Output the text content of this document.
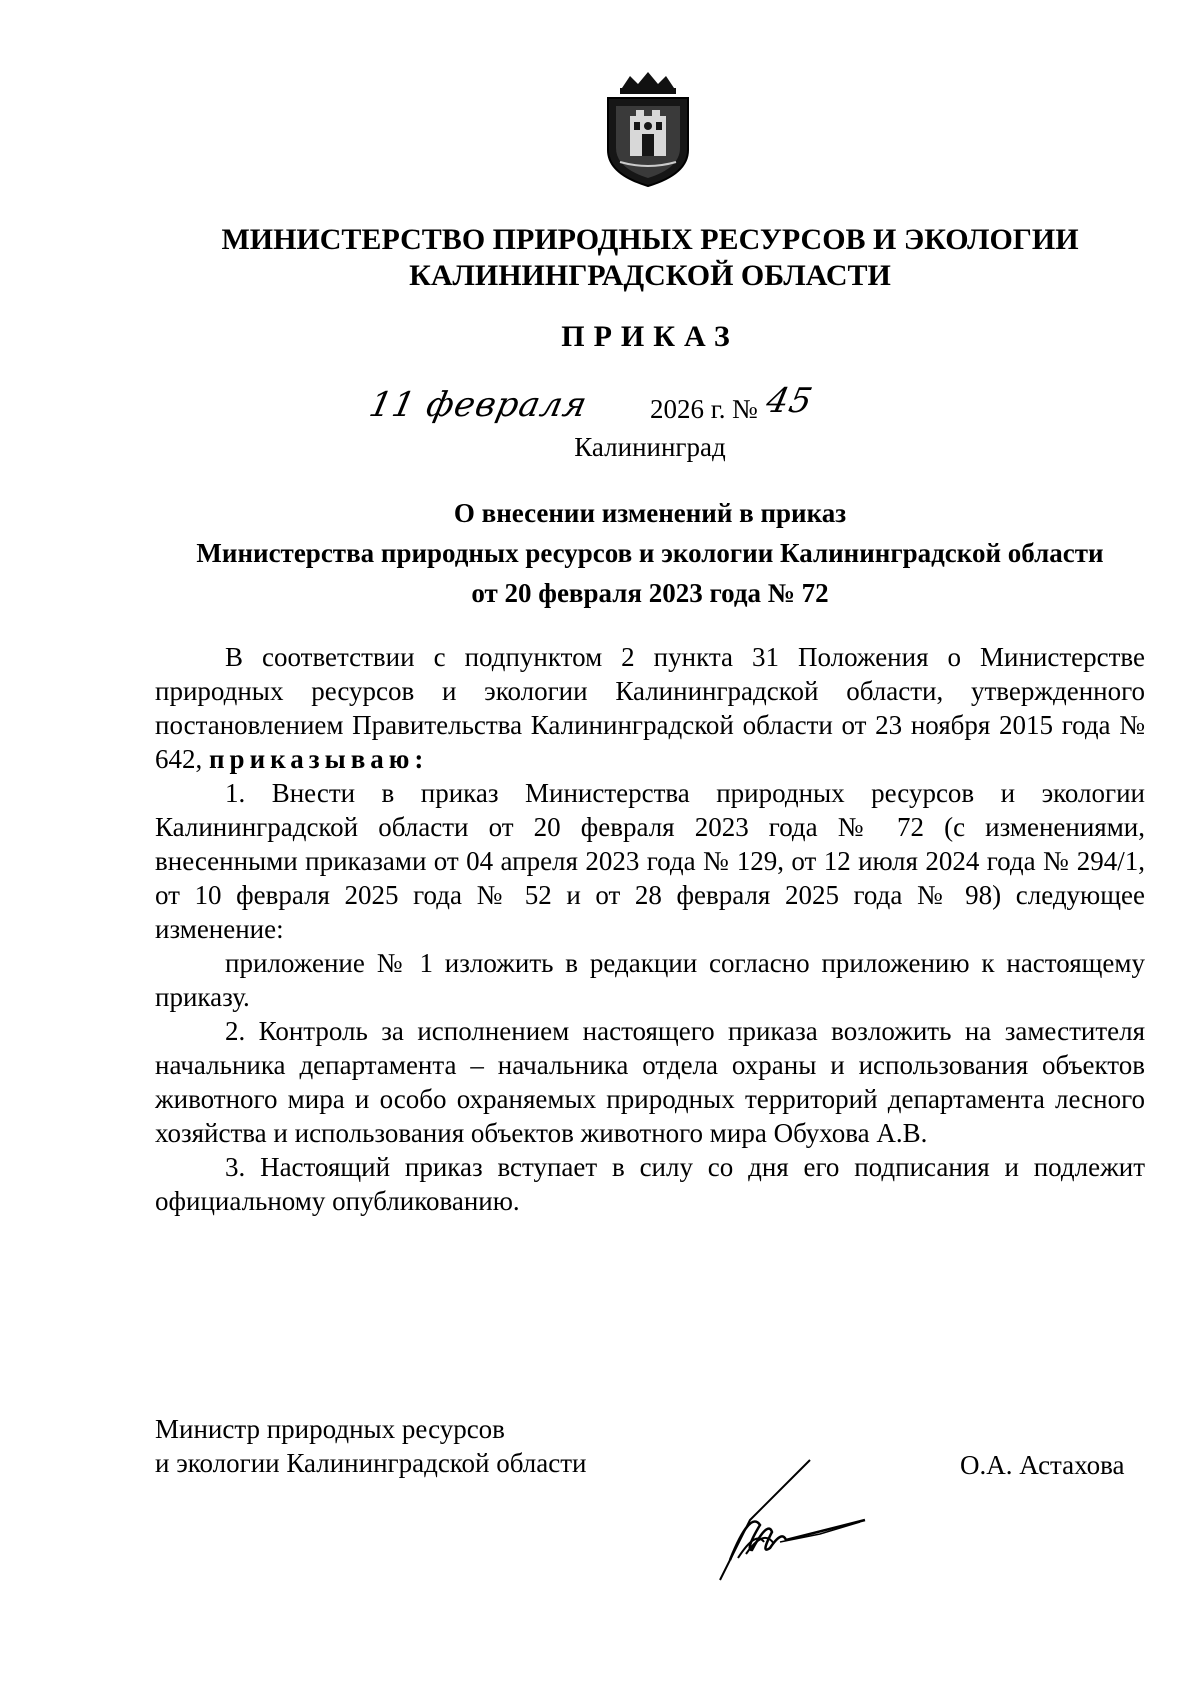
МИНИСТЕРСТВО ПРИРОДНЫХ РЕСУРСОВ И ЭКОЛОГИИ
КАЛИНИНГРАДСКОЙ ОБЛАСТИ
ПРИКАЗ
11 февраля 2026 г. № 45
Калининград
О внесении изменений в приказ
Министерства природных ресурсов и экологии Калининградской области
от 20 февраля 2023 года № 72

В соответствии с подпунктом 2 пункта 31 Положения о Министерстве природных ресурсов и экологии Калининградской области, утвержденного постановлением Правительства Калининградской области от 23 ноября 2015 года № 642, приказываю:

1. Внести в приказ Министерства природных ресурсов и экологии Калининградской области от 20 февраля 2023 года № 72 (с изменениями, внесенными приказами от 04 апреля 2023 года № 129, от 12 июля 2024 года № 294/1, от 10 февраля 2025 года № 52 и от 28 февраля 2025 года № 98) следующее изменение:

приложение № 1 изложить в редакции согласно приложению к настоящему приказу.

2. Контроль за исполнением настоящего приказа возложить на заместителя начальника департамента – начальника отдела охраны и использования объектов животного мира и особо охраняемых природных территорий департамента лесного хозяйства и использования объектов животного мира Обухова А.В.

3. Настоящий приказ вступает в силу со дня его подписания и подлежит официальному опубликованию.

Министр природных ресурсов
и экологии Калининградской области	О.А. Астахова
